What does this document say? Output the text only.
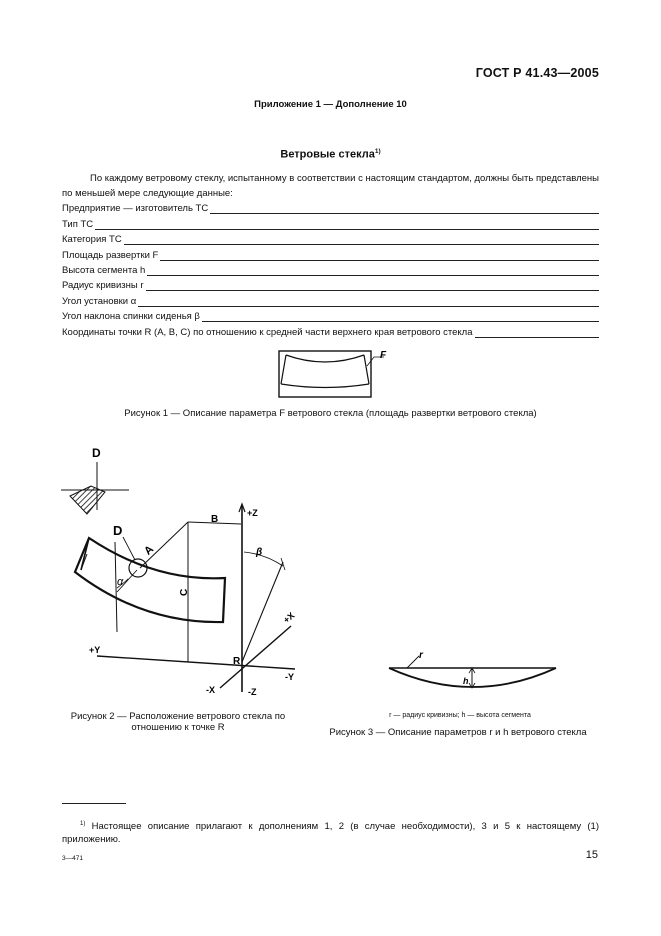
ГОСТ Р 41.43—2005
Приложение 1 — Дополнение 10
Ветровые стекла$^{1)}$
По каждому ветровому стеклу, испытанному в соответствии с настоящим стандартом, должны быть представлены по меньшей мере следующие данные:
Предприятие — изготовитель ТС
Тип ТС
Категория ТС
Площадь развертки F
Высота сегмента h
Радиус кривизны r
Угол установки α
Угол наклона спинки сиденья β
Координаты точки R (A, B, C) по отношению к средней части верхнего края ветрового стекла
F
Рисунок 1 — Описание параметра F ветрового стекла (площадь развертки ветрового стекла)
D
D
α
A
C
B
+Z
-Z
+Y
-Y
+X
-X
β
R
Рисунок 2 — Расположение ветрового стекла по
отношению к точке R
r
h
r — радиус кривизны; h — высота сегмента
Рисунок 3 — Описание параметров r и h ветрового стекла
$^{1)}$ Настоящее описание прилагают к дополнениям 1, 2 (в случае необходимости), 3 и 5 к настоящему (1) приложению.
3—471	15
